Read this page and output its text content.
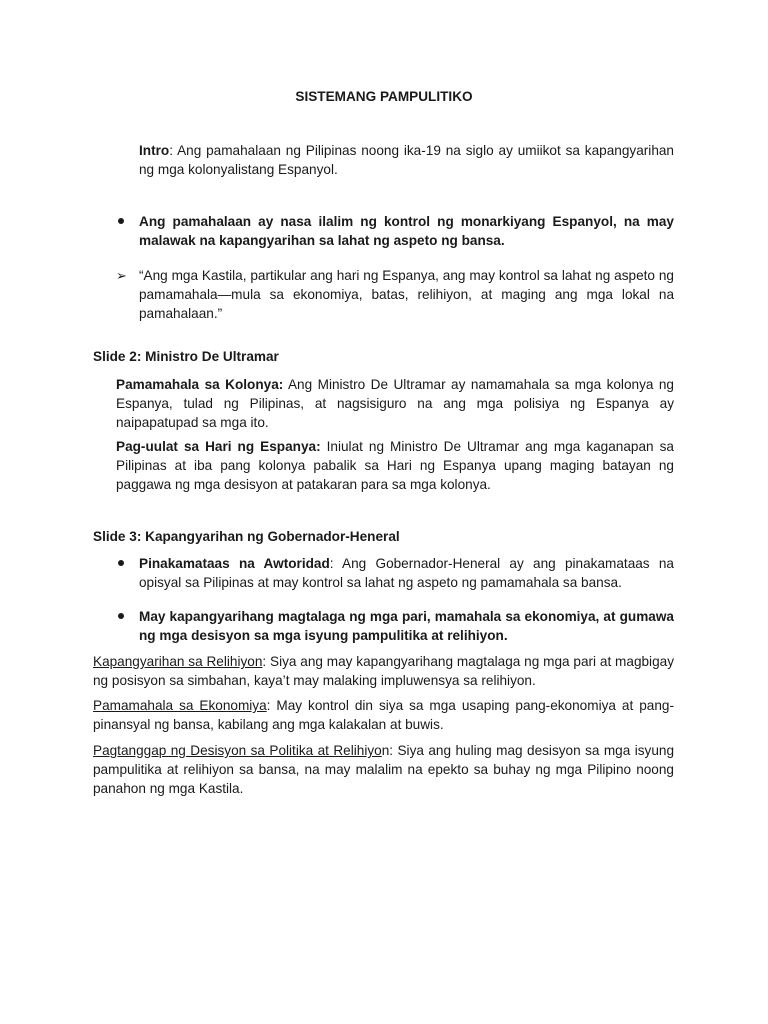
SISTEMANG PAMPULITIKO
Intro: Ang pamahalaan ng Pilipinas noong ika-19 na siglo ay umiikot sa kapangyarihan ng mga kolonyalistang Espanyol.
Ang pamahalaan ay nasa ilalim ng kontrol ng monarkiyang Espanyol, na may malawak na kapangyarihan sa lahat ng aspeto ng bansa.
➢ “Ang mga Kastila, partikular ang hari ng Espanya, ang may kontrol sa lahat ng aspeto ng pamamahala—mula sa ekonomiya, batas, relihiyon, at maging ang mga lokal na pamahalaan.”
Slide 2: Ministro De Ultramar
Pamamahala sa Kolonya: Ang Ministro De Ultramar ay namamahala sa mga kolonya ng Espanya, tulad ng Pilipinas, at nagsisiguro na ang mga polisiya ng Espanya ay naipapatupad sa mga ito.
Pag-uulat sa Hari ng Espanya: Iniulat ng Ministro De Ultramar ang mga kaganapan sa Pilipinas at iba pang kolonya pabalik sa Hari ng Espanya upang maging batayan ng paggawa ng mga desisyon at patakaran para sa mga kolonya.
Slide 3: Kapangyarihan ng Gobernador-Heneral
Pinakamataas na Awtoridad: Ang Gobernador-Heneral ay ang pinakamataas na opisyal sa Pilipinas at may kontrol sa lahat ng aspeto ng pamamahala sa bansa.
May kapangyarihang magtalaga ng mga pari, mamahala sa ekonomiya, at gumawa ng mga desisyon sa mga isyung pampulitika at relihiyon.
Kapangyarihan sa Relihiyon: Siya ang may kapangyarihang magtalaga ng mga pari at magbigay ng posisyon sa simbahan, kaya’t may malaking impluwensya sa relihiyon.
Pamamahala sa Ekonomiya: May kontrol din siya sa mga usaping pang-ekonomiya at pang-pinansyal ng bansa, kabilang ang mga kalakalan at buwis.
Pagtanggap ng Desisyon sa Politika at Relihiyon: Siya ang huling mag desisyon sa mga isyung pampulitika at relihiyon sa bansa, na may malalim na epekto sa buhay ng mga Pilipino noong panahon ng mga Kastila.
